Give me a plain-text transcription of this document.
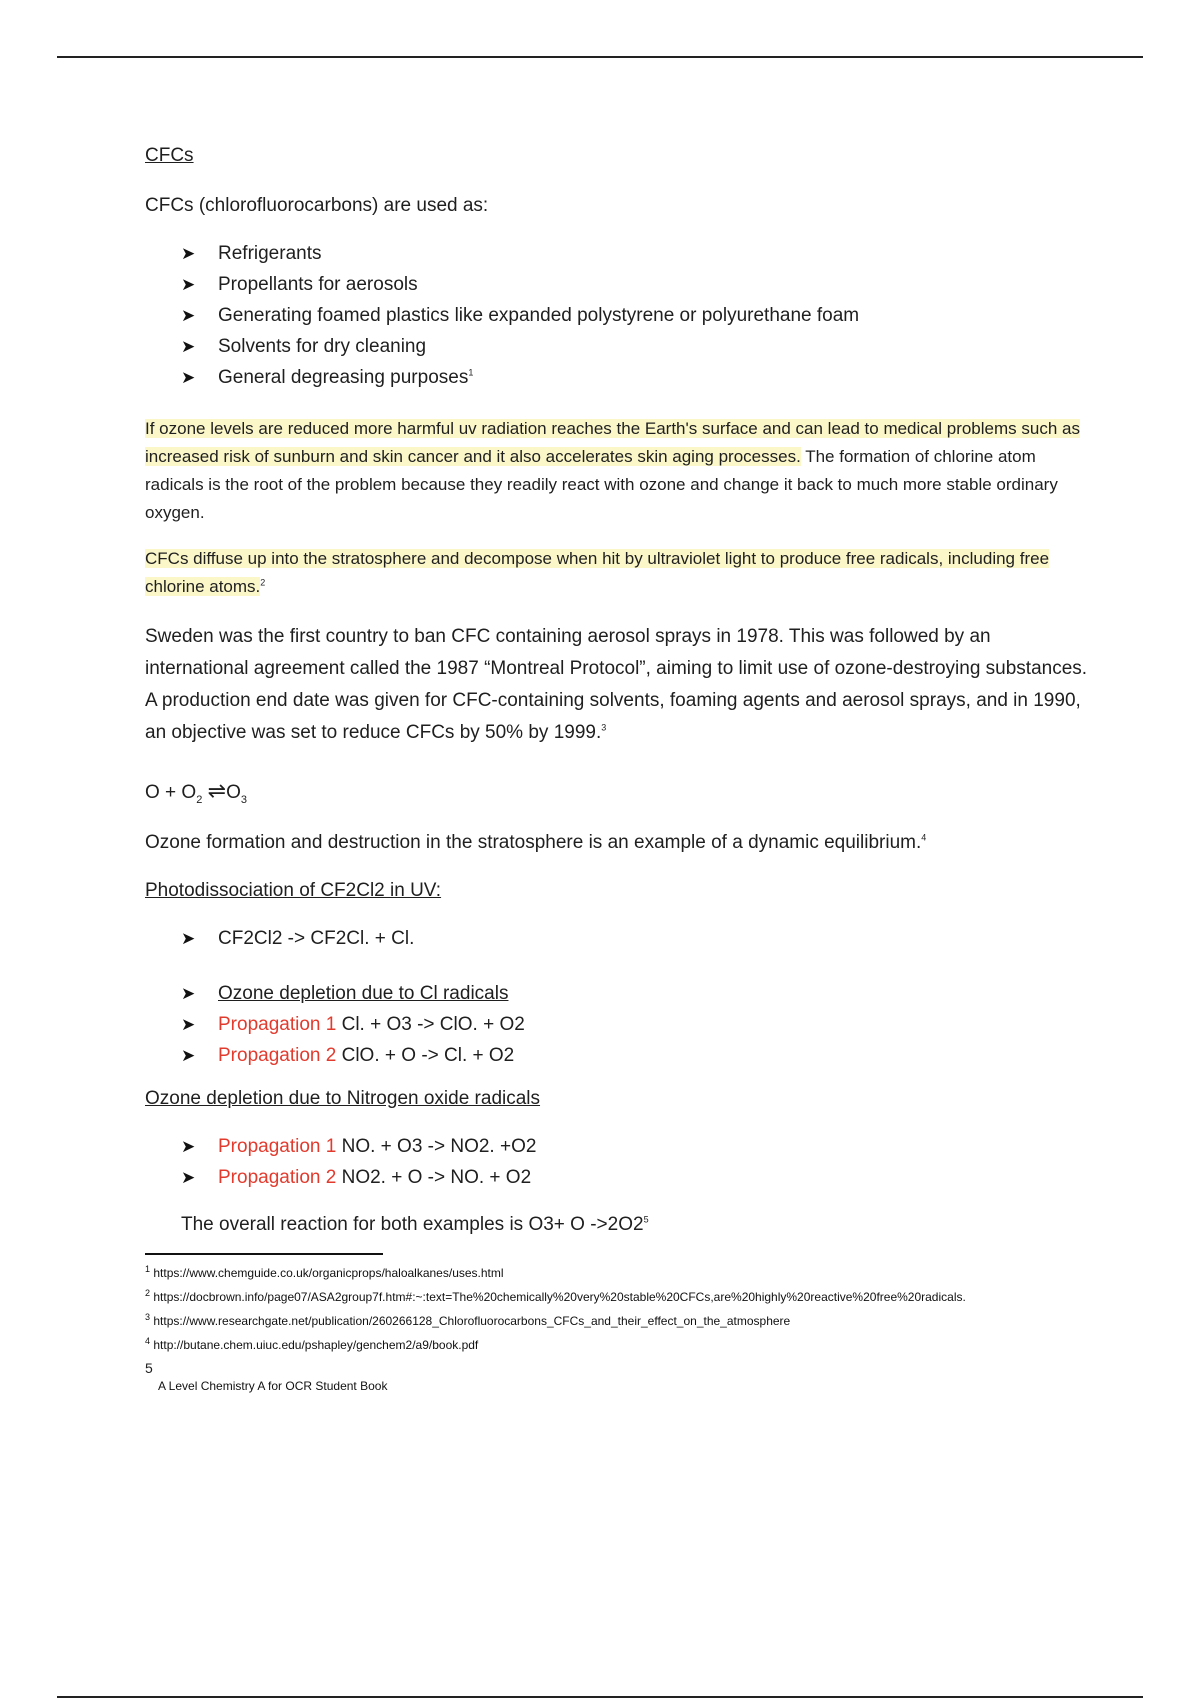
CFCs

CFCs (chlorofluorocarbons) are used as:

➤ Refrigerants
➤ Propellants for aerosols
➤ Generating foamed plastics like expanded polystyrene or polyurethane foam
➤ Solvents for dry cleaning
➤ General degreasing purposes$^1$

If ozone levels are reduced more harmful uv radiation reaches the Earth's surface and can lead to medical problems such as increased risk of sunburn and skin cancer and it also accelerates skin aging processes. The formation of chlorine atom radicals is the root of the problem because they readily react with ozone and change it back to much more stable ordinary oxygen.

CFCs diffuse up into the stratosphere and decompose when hit by ultraviolet light to produce free radicals, including free chlorine atoms.$^2$

Sweden was the first country to ban CFC containing aerosol sprays in 1978. This was followed by an international agreement called the 1987 “Montreal Protocol”, aiming to limit use of ozone-destroying substances. A production end date was given for CFC-containing solvents, foaming agents and aerosol sprays, and in 1990, an objective was set to reduce CFCs by 50% by 1999.$^3$

$O + O_2$ $\rightleftharpoons O_3$

Ozone formation and destruction in the stratosphere is an example of a dynamic equilibrium.$^4$

Photodissociation of CF2Cl2 in UV:
➤ CF2Cl2 -> CF2Cl. + Cl.
➤ Ozone depletion due to Cl radicals
➤ Propagation 1 Cl. + O3 -> ClO. + O2
➤ Propagation 2 ClO. + O -> Cl. + O2
Ozone depletion due to Nitrogen oxide radicals
➤ Propagation 1 NO. + O3 -> NO2. +O2
➤ Propagation 2 NO2. + O -> NO. + O2

The overall reaction for both examples is O3+ O $->2O2^5$

$^1$ https://www.chemguide.co.uk/organicprops/haloalkanes/uses.html
$^2$ https://docbrown.info/page07/ASA2group7f.htm#:~:text=The%20chemically%20very%20stable%20CFCs,are%20highly%20reactive%20free%20radicals.
$^3$ https://www.researchgate.net/publication/260266128_Chlorofluorocarbons_CFCs_and_their_effect_on_the_atmosphere
$^4$ http://butane.chem.uiuc.edu/pshapley/genchem2/a9/book.pdf
5
A Level Chemistry A for OCR Student Book
